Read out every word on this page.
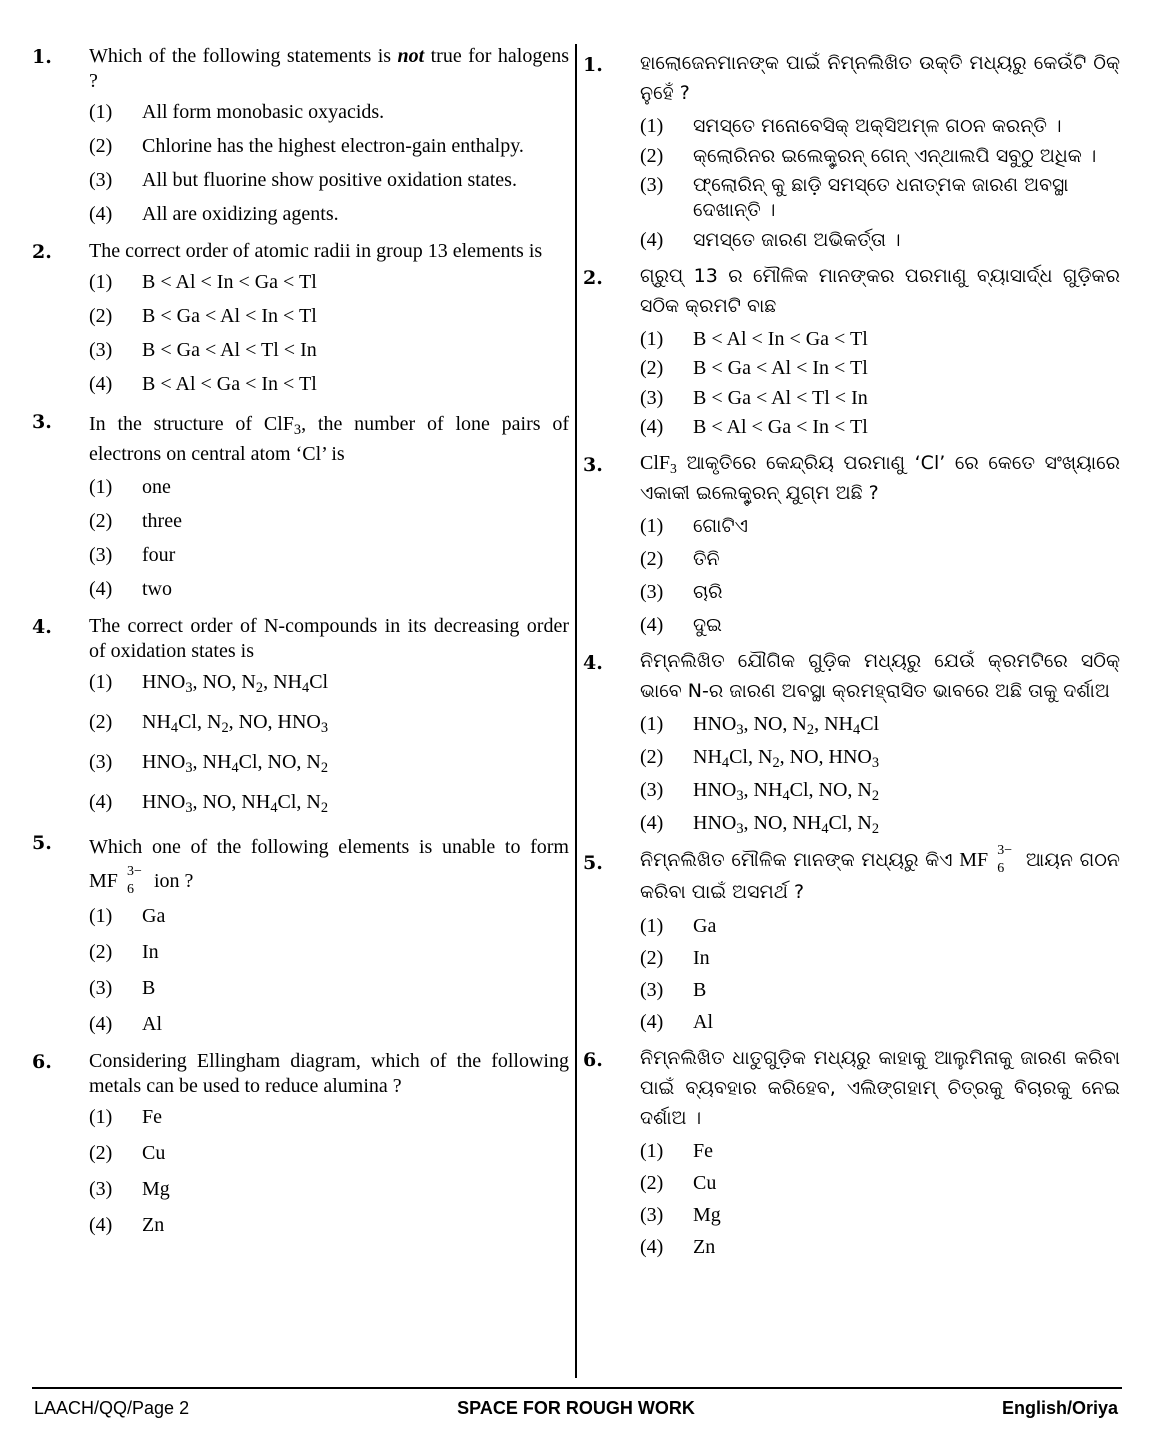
1. Which of the following statements is not true for halogens ?
(1) All form monobasic oxyacids.
(2) Chlorine has the highest electron-gain enthalpy.
(3) All but fluorine show positive oxidation states.
(4) All are oxidizing agents.
2. The correct order of atomic radii in group 13 elements is
(1) B < Al < In < Ga < Tl
(2) B < Ga < Al < In < Tl
(3) B < Ga < Al < Tl < In
(4) B < Al < Ga < In < Tl
3. In the structure of ClF$_3$, the number of lone pairs of electrons on central atom ‘Cl’ is
(1) one
(2) three
(3) four
(4) two
4. The correct order of N-compounds in its decreasing order of oxidation states is
(1) $HNO_3$, NO, $N_2$, $NH_4Cl$
(2) $NH_4Cl$, $N_2$, NO, $HNO_3$
(3) $HNO_3$, $NH_4Cl$, NO, $N_2$
(4) $HNO_3$, NO, $NH_4Cl$, $N_2$
5. Which one of the following elements is unable to form MF 3−
6 ion ?
(1) Ga
(2) In
(3) B
(4) Al
6. Considering Ellingham diagram, which of the following metals can be used to reduce alumina ?
(1) Fe
(2) Cu
(3) Mg
(4) Zn
1. ହାଲୋଜେନମାନଙ୍କ ପାଇଁ ନିମ୍ନଲିଖିତ ଉକ୍ତି ମଧ୍ୟରୁ କେଉଁଟି ଠିକ୍ ନୁହେଁ ?
(1) ସମସ୍ତେ ମନୋବେସିକ୍ ଅକ୍ସିଅମ୍ଳ ଗଠନ କରନ୍ତି ।
(2) କ୍ଲୋରିନର ଇଲେକ୍ଟ୍ରନ୍ ଗେନ୍ ଏନ୍‌ଥାଲପି ସବୁଠୁ ଅଧିକ ।
(3) ଫ୍ଲୋରିନ୍ କୁ ଛାଡ଼ି ସମସ୍ତେ ଧନାତ୍ମକ ଜାରଣ ଅବସ୍ଥା ଦେଖାନ୍ତି ।
(4) ସମସ୍ତେ ଜାରଣ ଅଭିକର୍ତ୍ତା ।
2. ଗ୍ରୁପ୍ 13 ର ମୌଳିକ ମାନଙ୍କର ପରମାଣୁ ବ୍ୟାସାର୍ଦ୍ଧ ଗୁଡ଼ିକର ସଠିକ କ୍ରମଟି ବାଛ
(1) B < Al < In < Ga < Tl
(2) B < Ga < Al < In < Tl
(3) B < Ga < Al < Tl < In
(4) B < Al < Ga < In < Tl
3. ClF$_3$ ଆକୃତିରେ କେନ୍ଦ୍ରିୟ ପରମାଣୁ ‘Cl’ ରେ କେତେ ସଂଖ୍ୟାରେ ଏକାକୀ ଇଲେକ୍ଟ୍ରନ୍ ଯୁଗ୍ମ ଅଛି ?
(1) ଗୋଟିଏ
(2) ତିନି
(3) ଚାରି
(4) ଦୁଇ
4. ନିମ୍ନଲିଖିତ ଯୌଗିକ ଗୁଡ଼ିକ ମଧ୍ୟରୁ ଯେଉଁ କ୍ରମଟିରେ ସଠିକ୍ ଭାବେ N-ର ଜାରଣ ଅବସ୍ଥା କ୍ରମହ୍ରାସିତ ଭାବରେ ଅଛି ତାକୁ ଦର୍ଶାଅ
(1) $HNO_3$, NO, $N_2$, $NH_4Cl$
(2) $NH_4Cl$, $N_2$, NO, $HNO_3$
(3) $HNO_3$, $NH_4Cl$, NO, $N_2$
(4) $HNO_3$, NO, $NH_4Cl$, $N_2$
5. ନିମ୍ନଲିଖିତ ମୌଳିକ ମାନଙ୍କ ମଧ୍ୟରୁ କିଏ MF 3−
6 ଆୟନ ଗଠନ କରିବା ପାଇଁ ଅସମର୍ଥ ?
(1) Ga
(2) In
(3) B
(4) Al
6. ନିମ୍ନଲିଖିତ ଧାତୁଗୁଡ଼ିକ ମଧ୍ୟରୁ କାହାକୁ ଆଲୁମିନାକୁ ଜାରଣ କରିବା ପାଇଁ ବ୍ୟବହାର କରିହେବ, ଏଲିଙ୍ଗହାମ୍ ଚିତ୍ରକୁ ବିଚାରକୁ ନେଇ ଦର୍ଶାଅ ।
(1) Fe
(2) Cu
(3) Mg
(4) Zn
LAACH/QQ/Page 2	SPACE FOR ROUGH WORK	English/Oriya
